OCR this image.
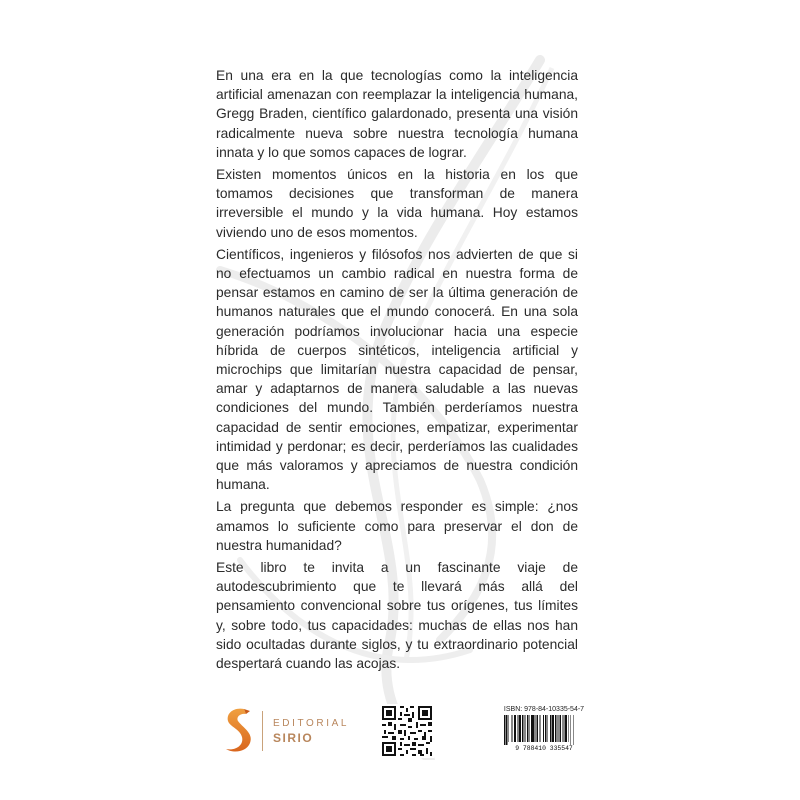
En una era en la que tecnologías como la inteligencia artificial amenazan con reemplazar la inteligencia humana, Gregg Braden, científico galardonado, presenta una visión radicalmente nueva sobre nuestra tecnología humana innata y lo que somos capaces de lograr.

Existen momentos únicos en la historia en los que tomamos decisiones que transforman de manera irreversible el mundo y la vida humana. Hoy estamos viviendo uno de esos momentos.

Científicos, ingenieros y filósofos nos advierten de que si no efectuamos un cambio radical en nuestra forma de pensar estamos en camino de ser la última generación de humanos naturales que el mundo conocerá. En una sola generación podríamos involucionar hacia una especie híbrida de cuerpos sintéticos, inteligencia artificial y microchips que limitarían nuestra capacidad de pensar, amar y adaptarnos de manera saludable a las nuevas condiciones del mundo. También perderíamos nuestra capacidad de sentir emociones, empatizar, experimentar intimidad y perdonar; es decir, perderíamos las cualidades que más valoramos y apreciamos de nuestra condición humana.

La pregunta que debemos responder es simple: ¿nos amamos lo suficiente como para preservar el don de nuestra humanidad?

Este libro te invita a un fascinante viaje de autodescubrimiento que te llevará más allá del pensamiento convencional sobre tus orígenes, tus límites y, sobre todo, tus capacidades: muchas de ellas nos han sido ocultadas durante siglos, y tu extraordinario potencial despertará cuando las acojas.

EDITORIAL
SIRIO
ISBN: 978-84-10335-54-7
9 788410 335547
